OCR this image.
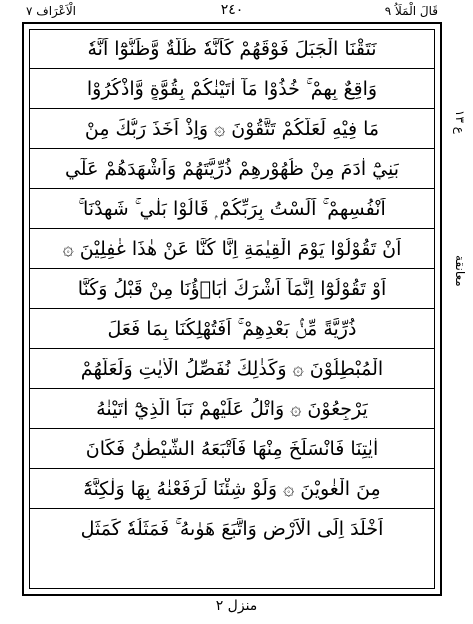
قَالَ الْمَلَاُ ٩
٢٤٠
الْاَعْرَاف ٧
نَتَقْنَا الْجَبَلَ فَوْقَهُمْ كَاَنَّهٗ ظُلَّةٌ وَّظَنُّوْٓا اَنَّهٗ
وَاقِعٌ بِهِمْ ۚ خُذُوْا مَآ اٰتَيْنٰكُمْ بِقُوَّةٍ وَّاذْكُرُوْا
مَا فِيْهِ لَعَلَّكُمْ تَتَّقُوْنَ ۞ وَاِذْ اَخَذَ رَبُّكَ مِنْ
بَنِيْٓ اٰدَمَ مِنْ ظُهُوْرِهِمْ ذُرِّيَّتَهُمْ وَاَشْهَدَهُمْ عَلٰٓي
اَنْفُسِهِمْ ۚ اَلَسْتُ بِرَبِّكُمْ ۭ قَالُوْا بَلٰي ۚ شَهِدْنَا ۚ
اَنْ تَقُوْلُوْا يَوْمَ الْقِيٰمَةِ اِنَّا كُنَّا عَنْ هٰذَا غٰفِلِيْنَ ۞
اَوْ تَقُوْلُوْٓا اِنَّمَآ اَشْرَكَ اٰبَاۗؤُنَا مِنْ قَبْلُ وَكُنَّا
ذُرِّيَّةً مِّنْۢ بَعْدِهِمْ ۚ اَفَتُهْلِكُنَا بِمَا فَعَلَ
الْمُبْطِلُوْنَ ۞ وَكَذٰلِكَ نُفَصِّلُ الْاٰيٰتِ وَلَعَلَّهُمْ
يَرْجِعُوْنَ ۞ وَاتْلُ عَلَيْهِمْ نَبَاَ الَّذِيْٓ اٰتَيْنٰهُ
اٰيٰتِنَا فَانْسَلَخَ مِنْهَا فَاَتْبَعَهُ الشَّيْطٰنُ فَكَانَ
مِنَ الْغٰوِيْنَ ۞ وَلَوْ شِئْنَا لَرَفَعْنٰهُ بِهَا وَلٰكِنَّهٗٓ
اَخْلَدَ اِلَى الْاَرْضِ وَاتَّبَعَ هَوٰىهُ ۚ فَمَثَلُهٗ كَمَثَلِ
ع ١٣
معانقة
منزل ٢
